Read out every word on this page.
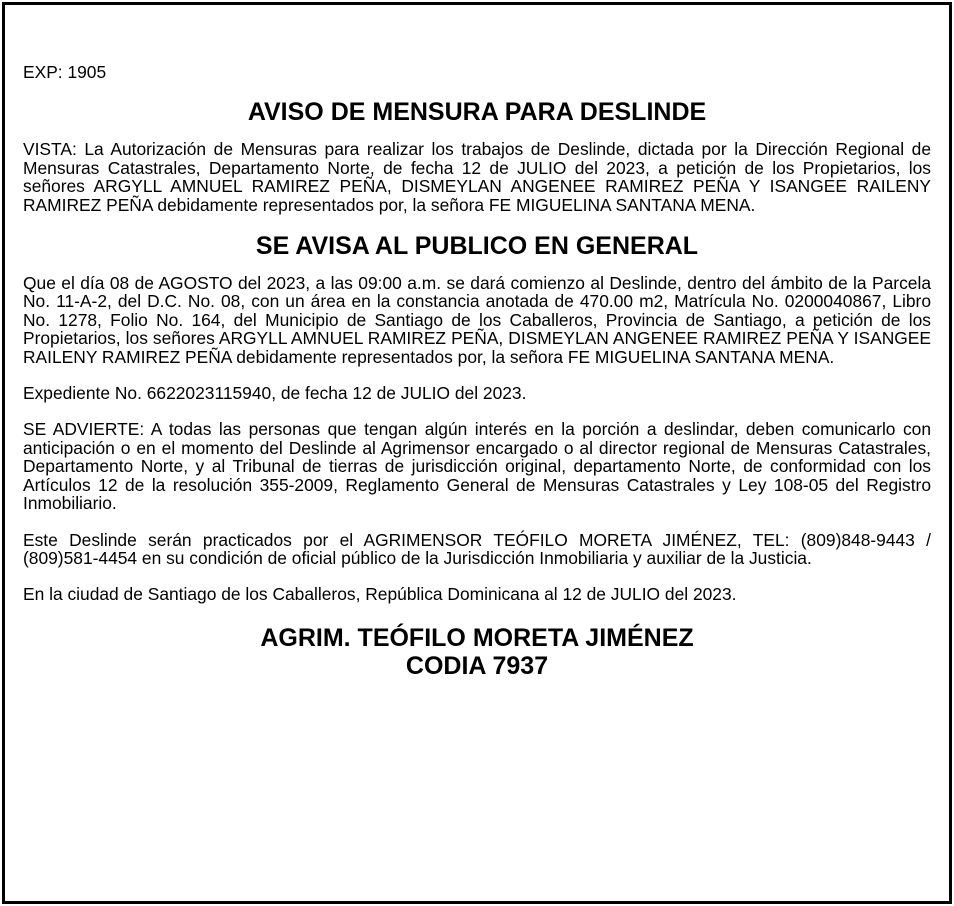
EXP: 1905
AVISO DE MENSURA PARA DESLINDE

VISTA: La Autorización de Mensuras para realizar los trabajos de Deslinde, dictada por la Dirección Regional de Mensuras Catastrales, Departamento Norte, de fecha 12 de JULIO del 2023, a petición de los Propietarios, los señores ARGYLL AMNUEL RAMIREZ PEÑA, DISMEYLAN ANGENEE RAMIREZ PEÑA Y ISANGEE RAILENY RAMIREZ PEÑA debidamente representados por, la señora FE MIGUELINA SANTANA MENA.

SE AVISA AL PUBLICO EN GENERAL

Que el día 08 de AGOSTO del 2023, a las 09:00 a.m. se dará comienzo al Deslinde, dentro del ámbito de la Parcela No. 11-A-2, del D.C. No. 08, con un área en la constancia anotada de 470.00 m2, Matrícula No. 0200040867, Libro No. 1278, Folio No. 164, del Municipio de Santiago de los Caballeros, Provincia de Santiago, a petición de los Propietarios, los señores ARGYLL AMNUEL RAMIREZ PEÑA, DISMEYLAN ANGENEE RAMIREZ PEÑA Y ISANGEE RAILENY RAMIREZ PEÑA debidamente representados por, la señora FE MIGUELINA SANTANA MENA.

Expediente No. 6622023115940, de fecha 12 de JULIO del 2023.

SE ADVIERTE: A todas las personas que tengan algún interés en la porción a deslindar, deben comunicarlo con anticipación o en el momento del Deslinde al Agrimensor encargado o al director regional de Mensuras Catastrales, Departamento Norte, y al Tribunal de tierras de jurisdicción original, departamento Norte, de conformidad con los Artículos 12 de la resolución 355-2009, Reglamento General de Mensuras Catastrales y Ley 108-05 del Registro Inmobiliario.

Este Deslinde serán practicados por el AGRIMENSOR TEÓFILO MORETA JIMÉNEZ, TEL: (809)848-9443 / (809)581-4454 en su condición de oficial público de la Jurisdicción Inmobiliaria y auxiliar de la Justicia.

En la ciudad de Santiago de los Caballeros, República Dominicana al 12 de JULIO del 2023.

AGRIM. TEÓFILO MORETA JIMÉNEZ
CODIA 7937
